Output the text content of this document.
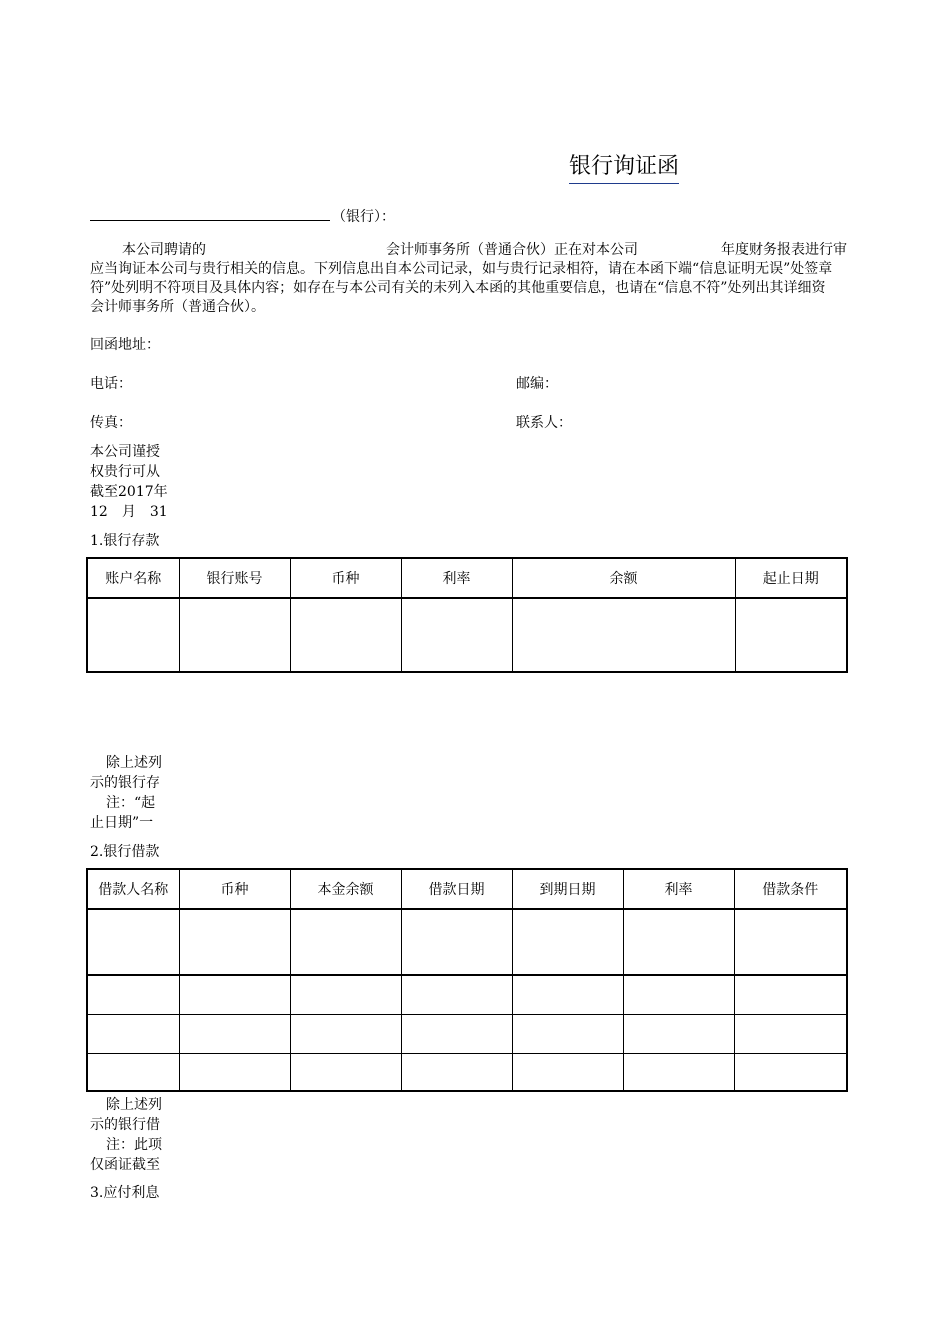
银行询证函
（银行）：
本公司聘请的	会计师事务所（普通合伙）正在对本公司	年度财务报表进行审
应当询证本公司与贵行相关的信息。下列信息出自本公司记录，如与贵行记录相符，请在本函下端“信息证明无误”处签章
符”处列明不符项目及具体内容；如存在与本公司有关的未列入本函的其他重要信息，也请在“信息不符”处列出其详细资
会计师事务所（普通合伙）。
回函地址：
电话：	邮编：
传真：	联系人：
本公司谨授
权贵行可从
截至2017年
12　月　31
1.银行存款
账户名称	银行账号	币种	利率	余额	起止日期

除上述列
示的银行存
注：“起
止日期”一
2.银行借款
借款人名称	币种	本金余额	借款日期	到期日期	利率	借款条件

除上述列
示的银行借
注：此项
仅函证截至
3.应付利息
